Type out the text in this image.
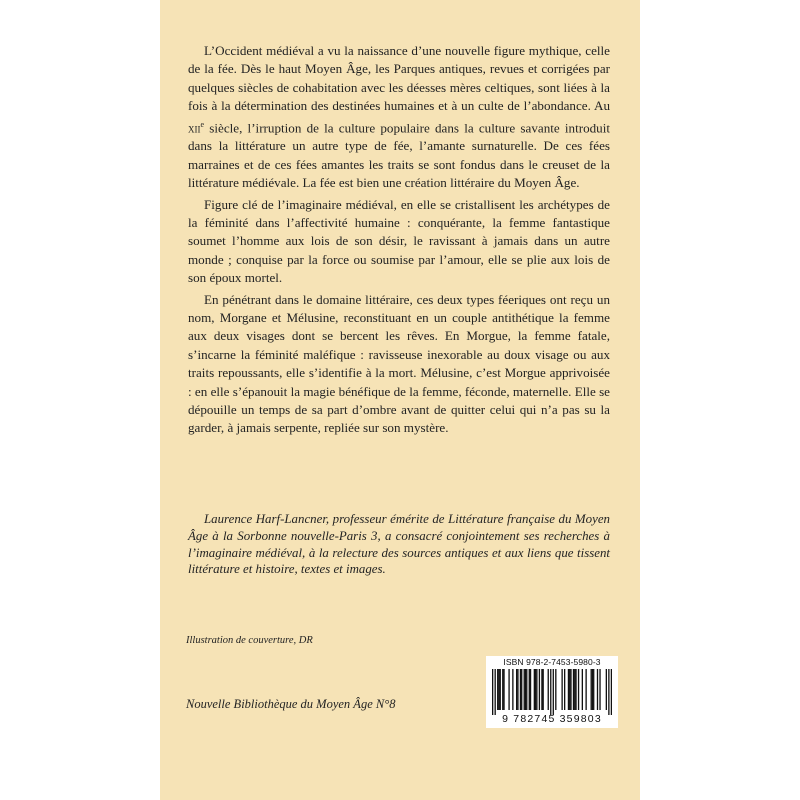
L’Occident médiéval a vu la naissance d’une nouvelle figure mythique, celle de la fée. Dès le haut Moyen Âge, les Parques antiques, revues et corrigées par quelques siècles de cohabitation avec les déesses mères celtiques, sont liées à la fois à la détermination des destinées humaines et à un culte de l’abondance. Au xii$^e$ siècle, l’irruption de la culture populaire dans la culture savante introduit dans la littérature un autre type de fée, l’amante surnaturelle. De ces fées marraines et de ces fées amantes les traits se sont fondus dans le creuset de la littérature médiévale. La fée est bien une création littéraire du Moyen Âge.

Figure clé de l’imaginaire médiéval, en elle se cristallisent les archétypes de la féminité dans l’affectivité humaine : conquérante, la femme fantastique soumet l’homme aux lois de son désir, le ravissant à jamais dans un autre monde ; conquise par la force ou soumise par l’amour, elle se plie aux lois de son époux mortel.

En pénétrant dans le domaine littéraire, ces deux types féeriques ont reçu un nom, Morgane et Mélusine, reconstituant en un couple antithétique la femme aux deux visages dont se bercent les rêves. En Morgue, la femme fatale, s’incarne la féminité maléfique : ravisseuse inexorable au doux visage ou aux traits repoussants, elle s’identifie à la mort. Mélusine, c’est Morgue apprivoisée : en elle s’épanouit la magie bénéfique de la femme, féconde, maternelle. Elle se dépouille un temps de sa part d’ombre avant de quitter celui qui n’a pas su la garder, à jamais serpente, repliée sur son mystère.

Laurence Harf-Lancner, professeur émérite de Littérature française du Moyen Âge à la Sorbonne nouvelle-Paris 3, a consacré conjointement ses recherches à l’imaginaire médiéval, à la relecture des sources antiques et aux liens que tissent littérature et histoire, textes et images.

Illustration de couverture, DR

Nouvelle Bibliothèque du Moyen Âge N°8

ISBN 978-2-7453-5980-3
9 782745 359803
